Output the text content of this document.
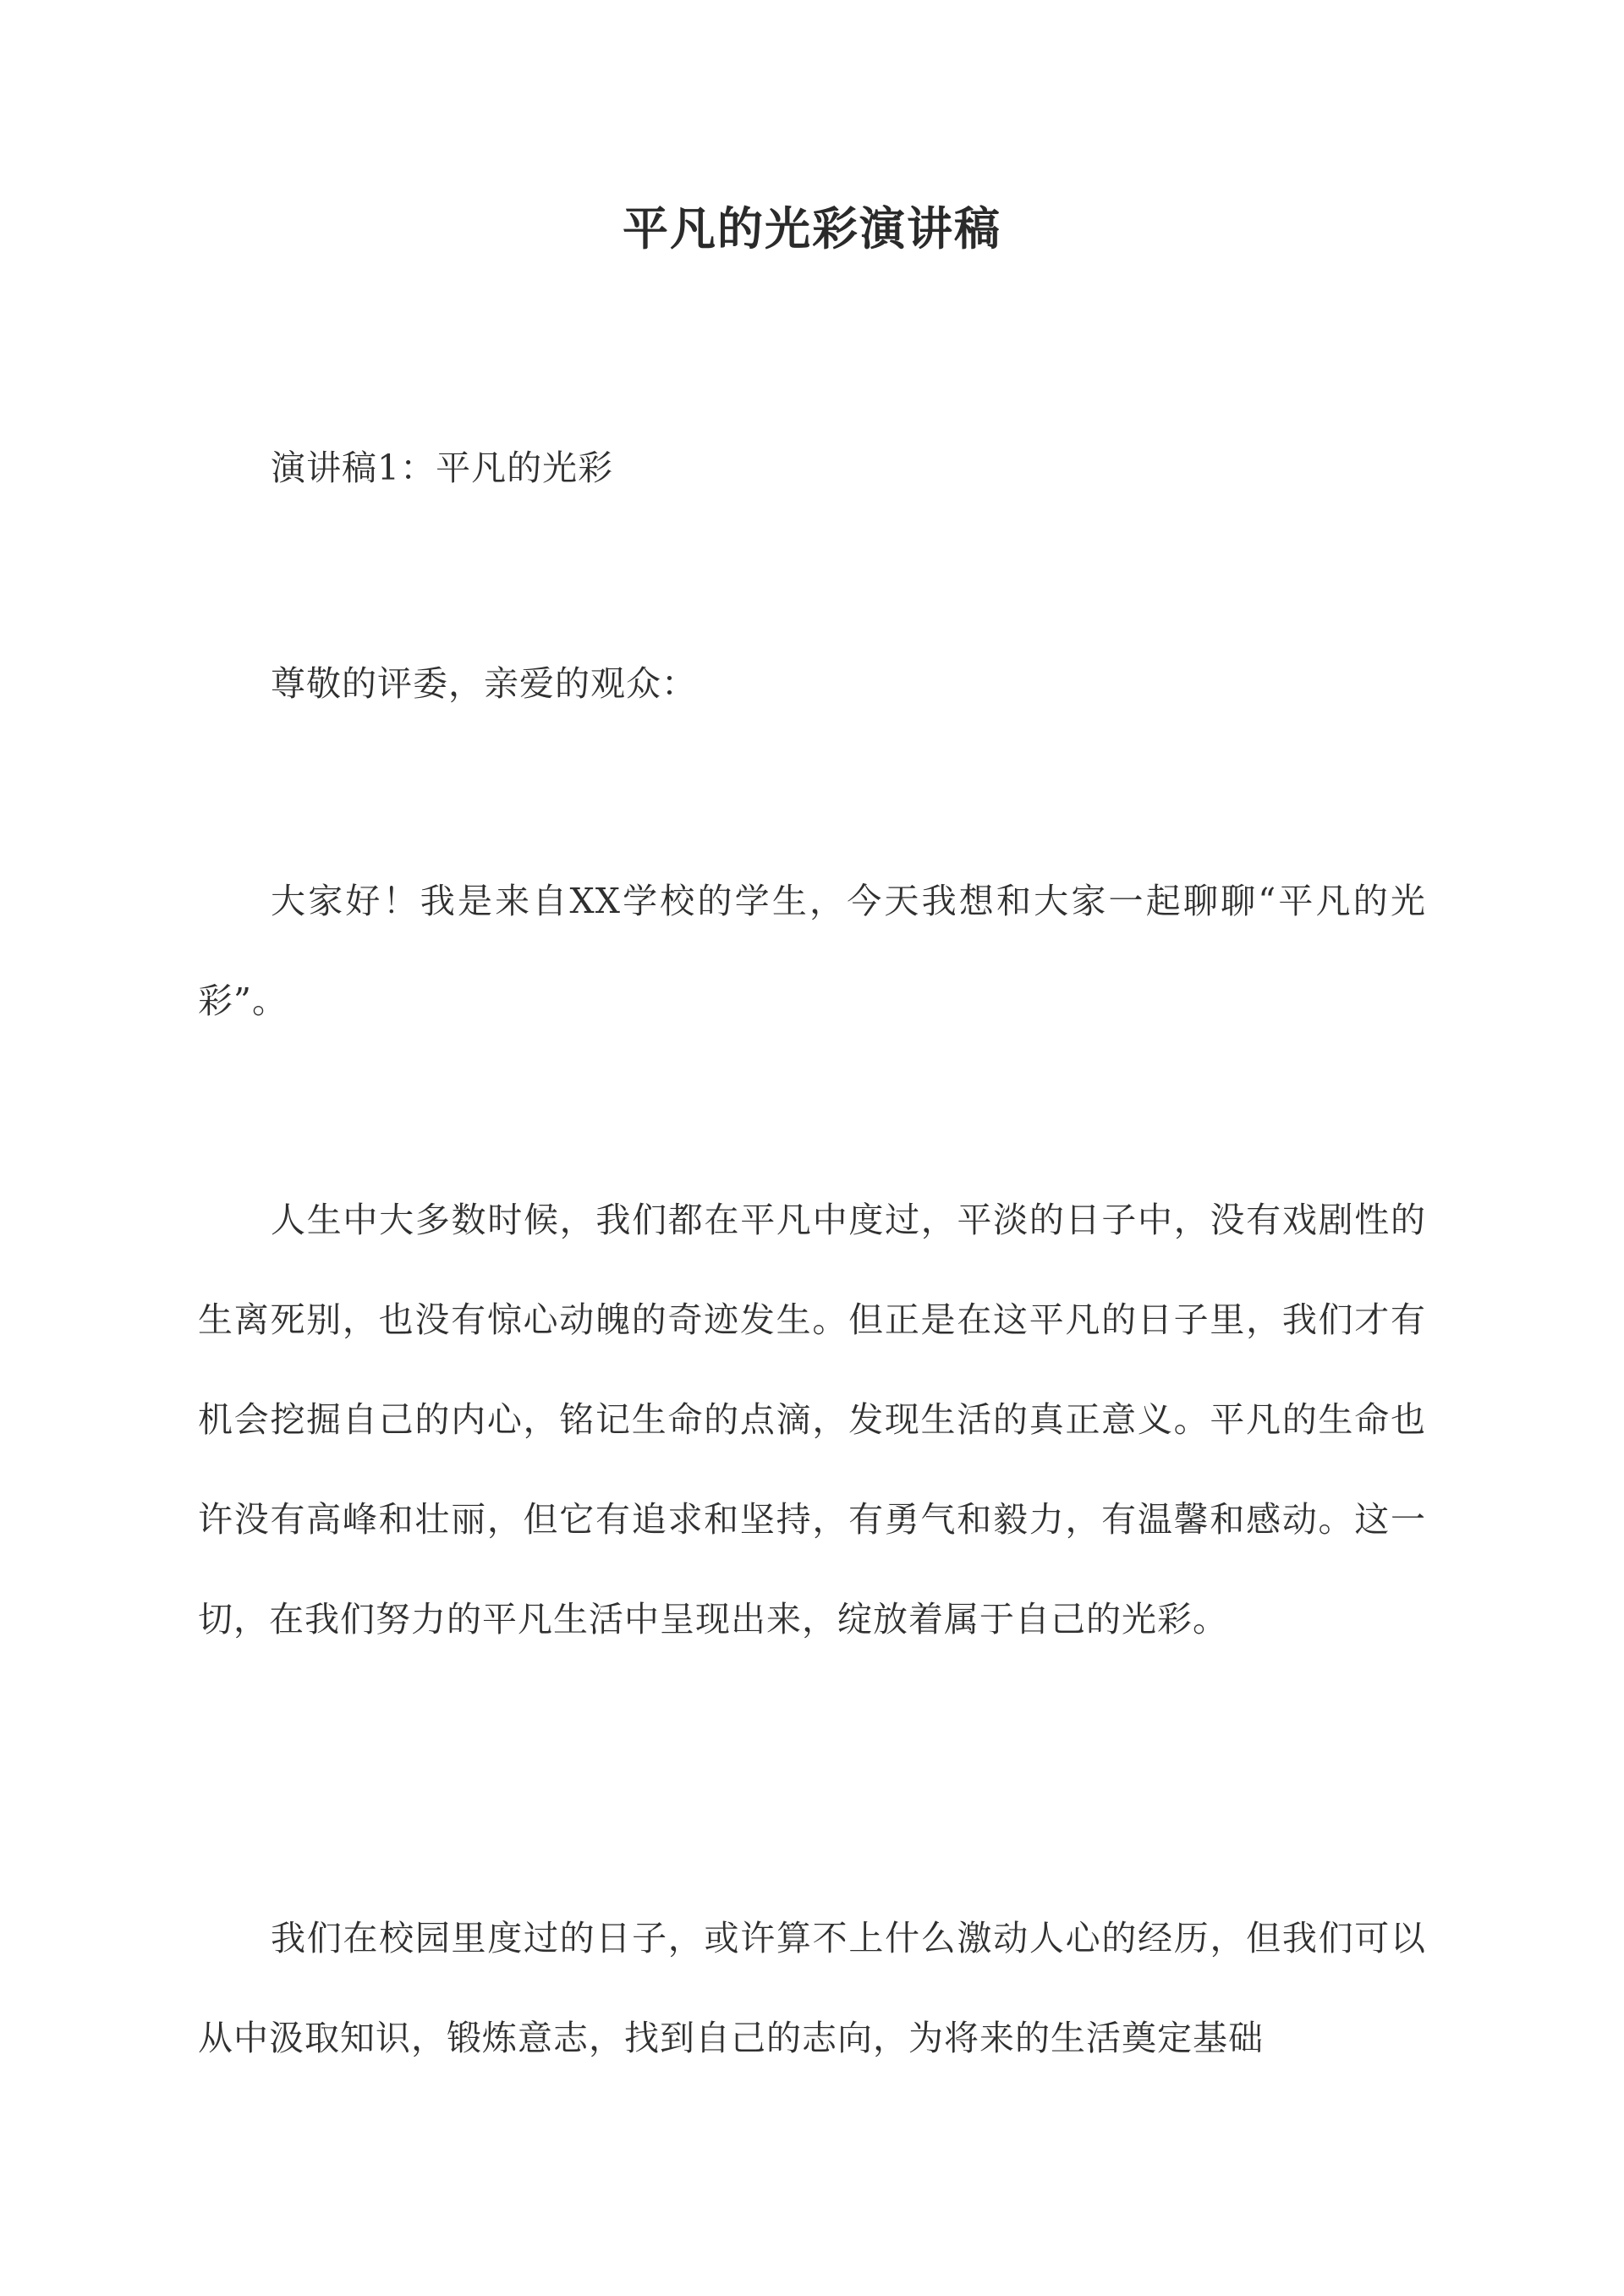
平凡的光彩演讲稿

演讲稿1：平凡的光彩

尊敬的评委，亲爱的观众：

大家好！我是来自XX学校的学生，今天我想和大家一起聊聊“平凡的光彩”。

人生中大多数时候，我们都在平凡中度过，平淡的日子中，没有戏剧性的生离死别，也没有惊心动魄的奇迹发生。但正是在这平凡的日子里，我们才有机会挖掘自己的内心，铭记生命的点滴，发现生活的真正意义。平凡的生命也许没有高峰和壮丽，但它有追求和坚持，有勇气和毅力，有温馨和感动。这一切，在我们努力的平凡生活中呈现出来，绽放着属于自己的光彩。

我们在校园里度过的日子，或许算不上什么激动人心的经历，但我们可以从中汲取知识，锻炼意志，找到自己的志向，为将来的生活奠定基础
